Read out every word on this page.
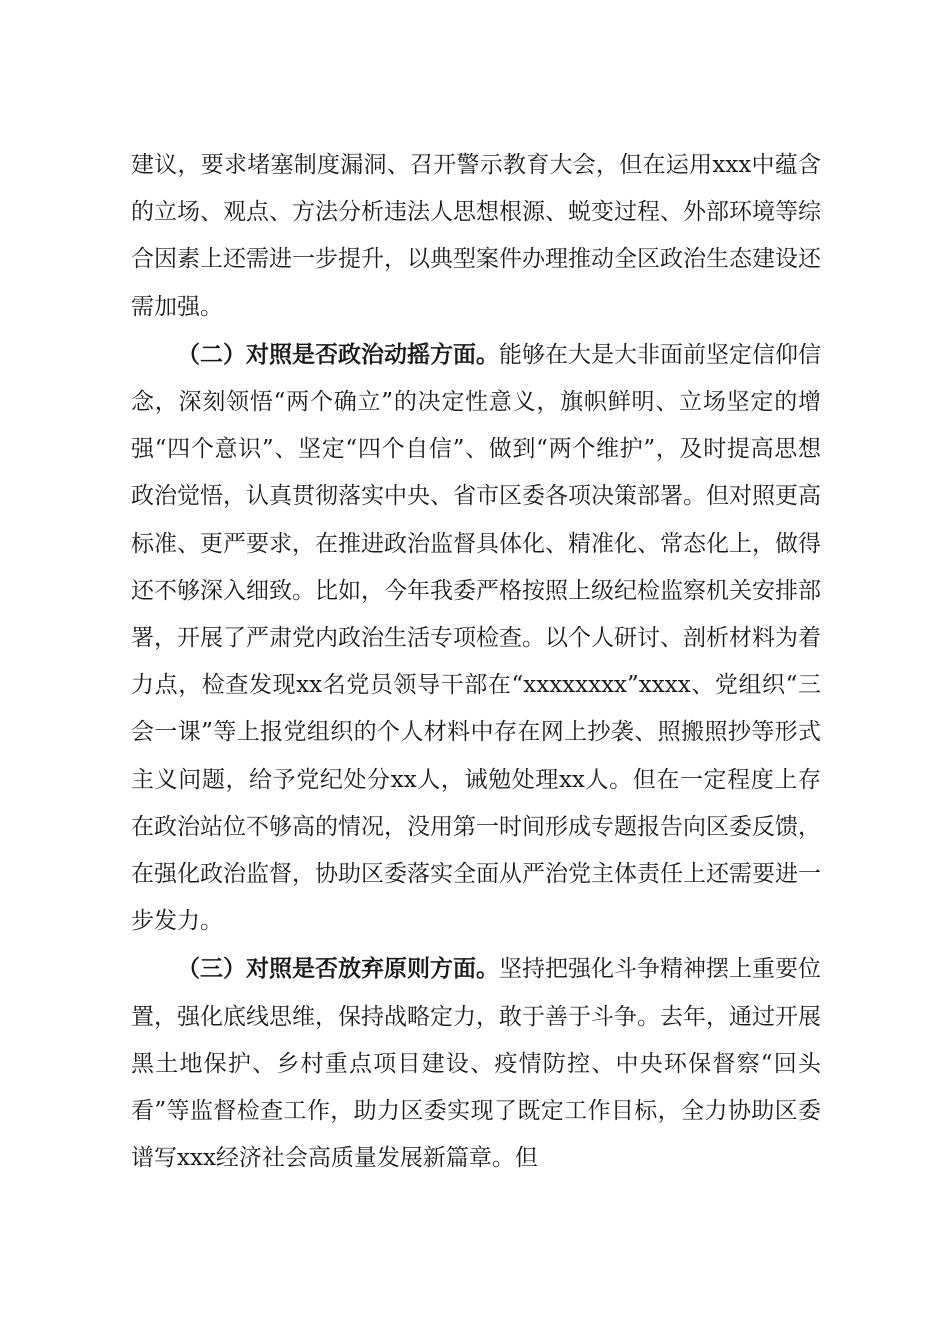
建议，要求堵塞制度漏洞、召开警示教育大会，但在运用xxx中蕴含的立场、观点、方法分析违法人思想根源、蜕变过程、外部环境等综合因素上还需进一步提升，以典型案件办理推动全区政治生态建设还需加强。

（二）对照是否政治动摇方面。能够在大是大非面前坚定信仰信念，深刻领悟“两个确立”的决定性意义，旗帜鲜明、立场坚定的增强“四个意识”、坚定“四个自信”、做到“两个维护”，及时提高思想政治觉悟，认真贯彻落实中央、省市区委各项决策部署。但对照更高标准、更严要求，在推进政治监督具体化、精准化、常态化上，做得还不够深入细致。比如，今年我委严格按照上级纪检监察机关安排部署，开展了严肃党内政治生活专项检查。以个人研讨、剖析材料为着力点，检查发现xx名党员领导干部在“xxxxxxxx”xxxx、党组织“三会一课”等上报党组织的个人材料中存在网上抄袭、照搬照抄等形式主义问题，给予党纪处分xx人，诫勉处理xx人。但在一定程度上存在政治站位不够高的情况，没用第一时间形成专题报告向区委反馈，在强化政治监督，协助区委落实全面从严治党主体责任上还需要进一步发力。

（三）对照是否放弃原则方面。坚持把强化斗争精神摆上重要位置，强化底线思维，保持战略定力，敢于善于斗争。去年，通过开展黑土地保护、乡村重点项目建设、疫情防控、中央环保督察“回头看”等监督检查工作，助力区委实现了既定工作目标，全力协助区委谱写xxx经济社会高质量发展新篇章。但
